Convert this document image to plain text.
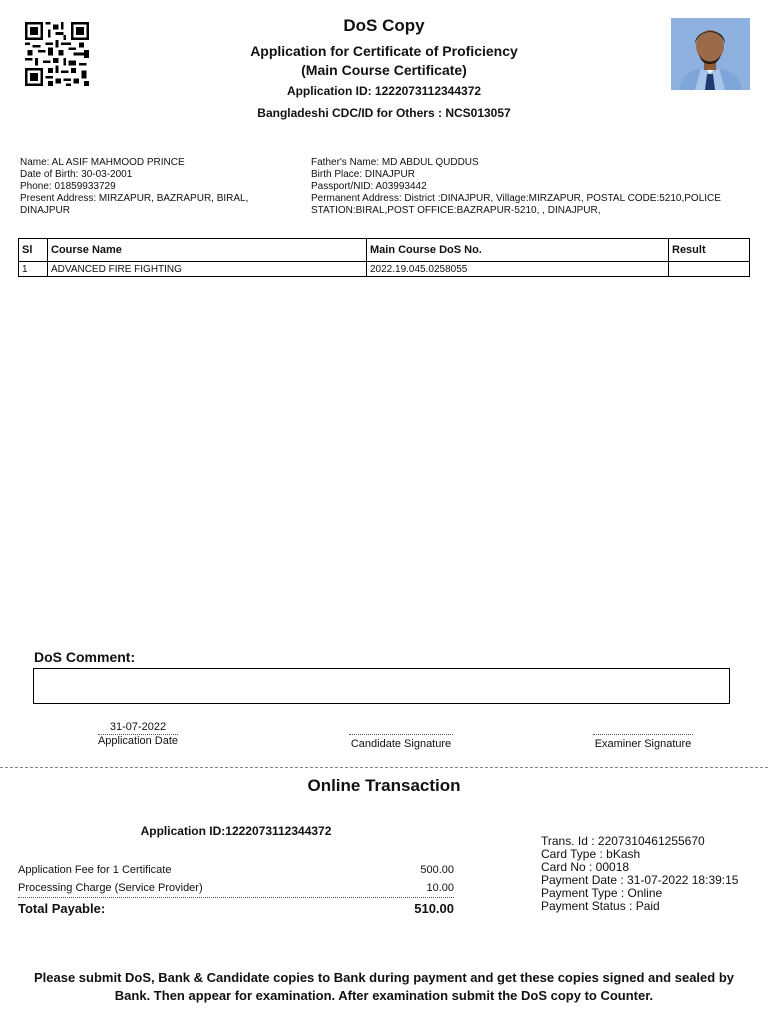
DoS Copy
Application for Certificate of Proficiency
(Main Course Certificate)
Application ID: 1222073112344372
Bangladeshi CDC/ID for Others : NCS013057
Name: AL ASIF MAHMOOD PRINCE
Date of Birth: 30-03-2001
Phone: 01859933729
Present Address: MIRZAPUR, BAZRAPUR, BIRAL, DINAJPUR
Father's Name: MD ABDUL QUDDUS
Birth Place: DINAJPUR
Passport/NID: A03993442
Permanent Address: District :DINAJPUR, Village:MIRZAPUR, POSTAL CODE:5210,POLICE STATION:BIRAL,POST OFFICE:BAZRAPUR-5210, , DINAJPUR,
Sl	Course Name	Main Course DoS No.	Result
1	ADVANCED FIRE FIGHTING	2022.19.045.0258055	
DoS Comment:
31-07-2022
Application Date	Candidate Signature	Examiner Signature
Online Transaction
Application ID:1222073112344372
Application Fee for 1 Certificate	500.00
Processing Charge (Service Provider)	10.00
Total Payable:	510.00
Trans. Id : 2207310461255670
Card Type : bKash
Card No : 00018
Payment Date : 31-07-2022 18:39:15
Payment Type : Online
Payment Status : Paid
Please submit DoS, Bank & Candidate copies to Bank during payment and get these copies signed and sealed by Bank. Then appear for examination. After examination submit the DoS copy to Counter.
